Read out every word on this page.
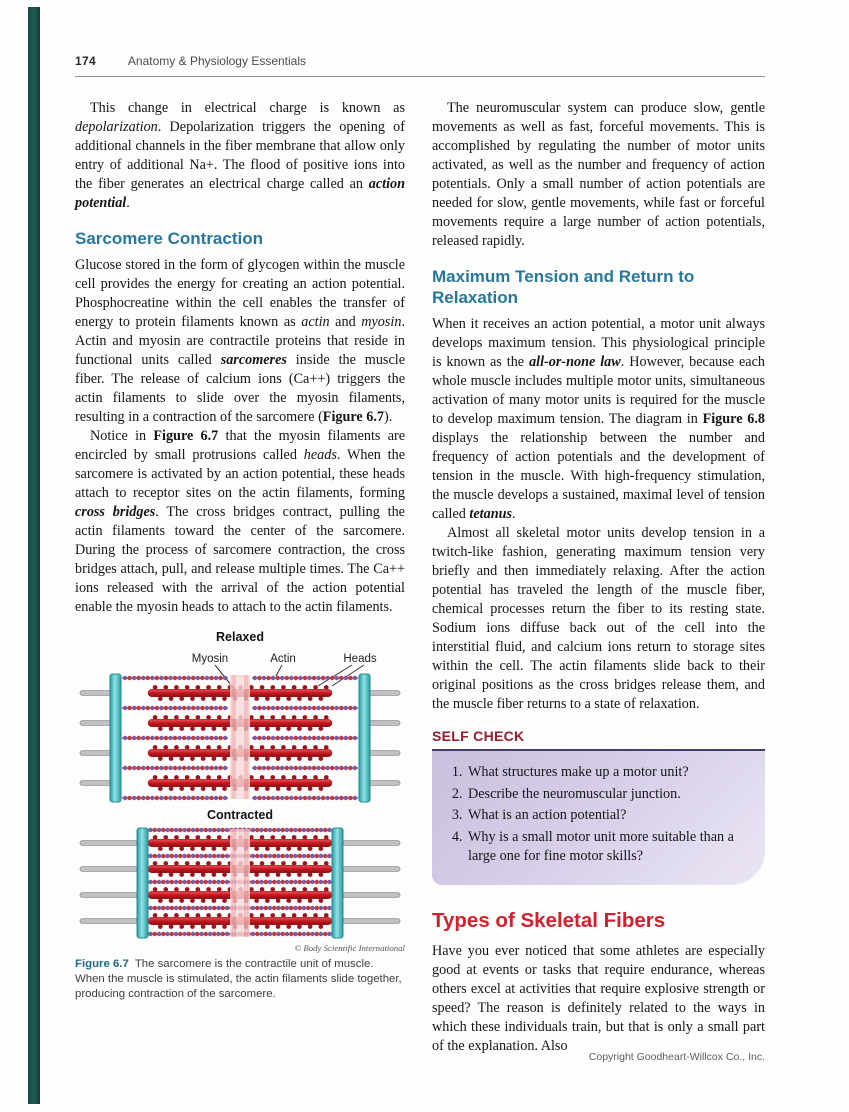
174	Anatomy & Physiology Essentials

This change in electrical charge is known as depolarization. Depolarization triggers the opening of additional channels in the fiber membrane that allow only entry of additional Na+. The flood of positive ions into the fiber generates an electrical charge called an action potential.

Sarcomere Contraction

Glucose stored in the form of glycogen within the muscle cell provides the energy for creating an action potential. Phosphocreatine within the cell enables the transfer of energy to protein filaments known as actin and myosin. Actin and myosin are contractile proteins that reside in functional units called sarcomeres inside the muscle fiber. The release of calcium ions (Ca++) triggers the actin filaments to slide over the myosin filaments, resulting in a contraction of the sarcomere (Figure 6.7).

Notice in Figure 6.7 that the myosin filaments are encircled by small protrusions called heads. When the sarcomere is activated by an action potential, these heads attach to receptor sites on the actin filaments, forming cross bridges. The cross bridges contract, pulling the actin filaments toward the center of the sarcomere. During the process of sarcomere contraction, the cross bridges attach, pull, and release multiple times. The Ca++ ions released with the arrival of the action potential enable the myosin heads to attach to the actin filaments.

Relaxed
Myosin	Actin	Heads
Contracted
© Body Scientific International
Figure 6.7 The sarcomere is the contractile unit of muscle. When the muscle is stimulated, the actin filaments slide together, producing contraction of the sarcomere.

The neuromuscular system can produce slow, gentle movements as well as fast, forceful movements. This is accomplished by regulating the number of motor units activated, as well as the number and frequency of action potentials. Only a small number of action potentials are needed for slow, gentle movements, while fast or forceful movements require a large number of action potentials, released rapidly.

Maximum Tension and Return to Relaxation

When it receives an action potential, a motor unit always develops maximum tension. This physiological principle is known as the all-or-none law. However, because each whole muscle includes multiple motor units, simultaneous activation of many motor units is required for the muscle to develop maximum tension. The diagram in Figure 6.8 displays the relationship between the number and frequency of action potentials and the development of tension in the muscle. With high-frequency stimulation, the muscle develops a sustained, maximal level of tension called tetanus.

Almost all skeletal motor units develop tension in a twitch-like fashion, generating maximum tension very briefly and then immediately relaxing. After the action potential has traveled the length of the muscle fiber, chemical processes return the fiber to its resting state. Sodium ions diffuse back out of the cell into the interstitial fluid, and calcium ions return to storage sites within the cell. The actin filaments slide back to their original positions as the cross bridges release them, and the muscle fiber returns to a state of relaxation.

SELF CHECK
1. What structures make up a motor unit?
2. Describe the neuromuscular junction.
3. What is an action potential?
4. Why is a small motor unit more suitable than a large one for fine motor skills?
Types of Skeletal Fibers

Have you ever noticed that some athletes are especially good at events or tasks that require endurance, whereas others excel at activities that require explosive strength or speed? The reason is definitely related to the ways in which these individuals train, but that is only a small part of the explanation. Also

Copyright Goodheart-Willcox Co., Inc.
